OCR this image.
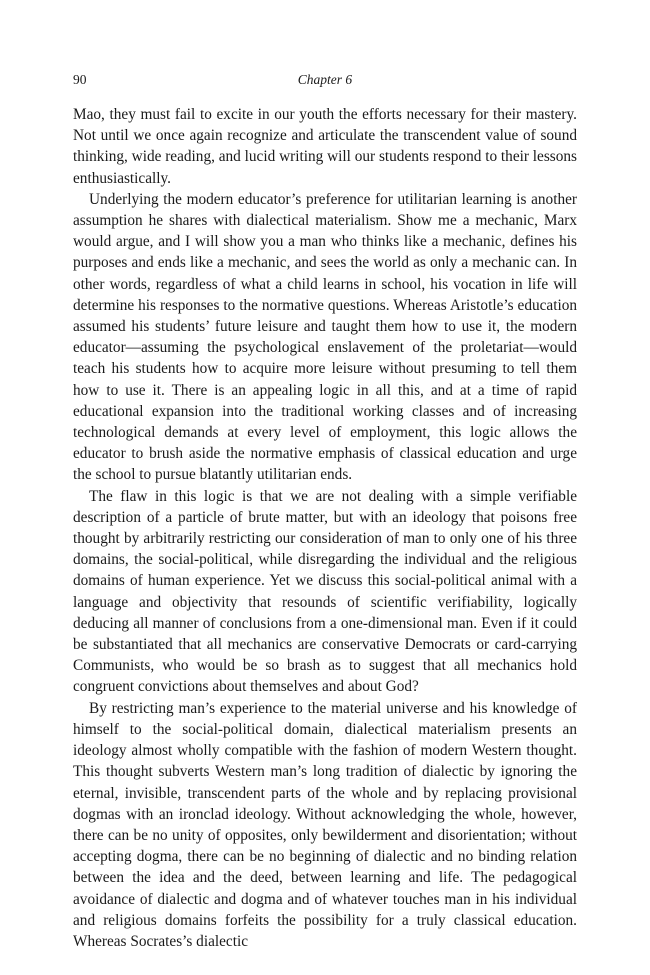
90	Chapter 6

Mao, they must fail to excite in our youth the efforts necessary for their mastery. Not until we once again recognize and articulate the transcendent value of sound thinking, wide reading, and lucid writing will our students respond to their lessons enthusiastically.

Underlying the modern educator’s preference for utilitarian learning is another assumption he shares with dialectical materialism. Show me a mechanic, Marx would argue, and I will show you a man who thinks like a mechanic, defines his purposes and ends like a mechanic, and sees the world as only a mechanic can. In other words, regardless of what a child learns in school, his vocation in life will determine his responses to the normative questions. Whereas Aristotle’s education assumed his students’ future leisure and taught them how to use it, the modern educator—assuming the psychological enslavement of the proletariat—would teach his students how to acquire more leisure without presuming to tell them how to use it. There is an appealing logic in all this, and at a time of rapid educational expansion into the traditional working classes and of increasing technological demands at every level of employment, this logic allows the educator to brush aside the normative emphasis of classical education and urge the school to pursue blatantly utilitarian ends.

The flaw in this logic is that we are not dealing with a simple verifiable description of a particle of brute matter, but with an ideology that poisons free thought by arbitrarily restricting our consideration of man to only one of his three domains, the social-political, while disregarding the individual and the religious domains of human experience. Yet we discuss this social-political animal with a language and objectivity that resounds of scientific verifiability, logically deducing all manner of conclusions from a one-dimensional man. Even if it could be substantiated that all mechanics are conservative Democrats or card-carrying Communists, who would be so brash as to suggest that all mechanics hold congruent convictions about themselves and about God?

By restricting man’s experience to the material universe and his knowledge of himself to the social-political domain, dialectical materialism presents an ideology almost wholly compatible with the fashion of modern Western thought. This thought subverts Western man’s long tradition of dialectic by ignoring the eternal, invisible, transcendent parts of the whole and by replacing provisional dogmas with an ironclad ideology. Without acknowledging the whole, however, there can be no unity of opposites, only bewilderment and disorientation; without accepting dogma, there can be no beginning of dialectic and no binding relation between the idea and the deed, between learning and life. The pedagogical avoidance of dialectic and dogma and of whatever touches man in his individual and religious domains forfeits the possibility for a truly classical education. Whereas Socrates’s dialectic
